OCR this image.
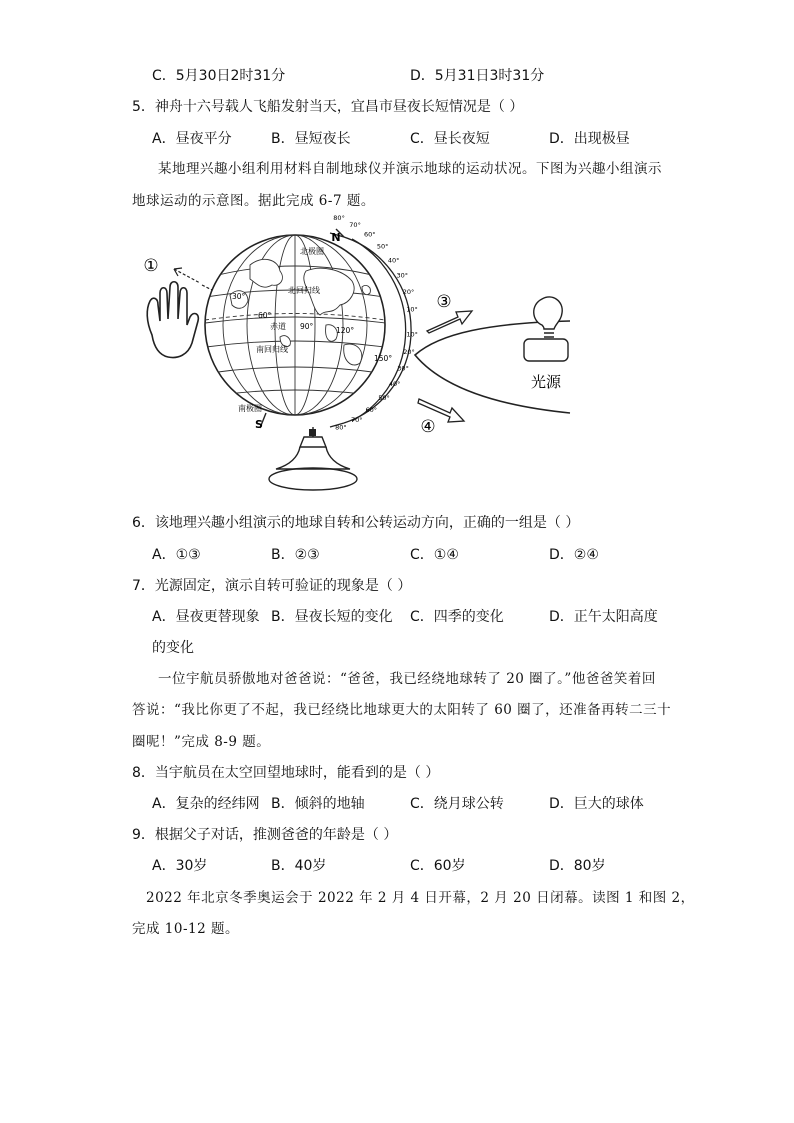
C．5月30日2时31分	D．5月31日3时31分
5．神舟十六号载人飞船发射当天，宜昌市昼夜长短情况是（ ）
A．昼夜平分	B．昼短夜长	C．昼长夜短	D．出现极昼
某地理兴趣小组利用材料自制地球仪并演示地球的运动状况。下图为兴趣小组演示
地球运动的示意图。据此完成 6-7 题。
①
北极圈
北回归线
赤道
南回归线
南极圈
30°
60°
90°	120°
150°
80°
70°
60°
50°
40°
30°
20°
10°
10°
20°
30°
40°
50°
60°
70°
80°
N
S
③
④
光源
6．该地理兴趣小组演示的地球自转和公转运动方向，正确的一组是（ ）
A．①③	B．②③	C．①④	D．②④
7．光源固定，演示自转可验证的现象是（ ）
A．昼夜更替现象 B．昼夜长短的变化 C．四季的变化	D．正午太阳高度
的变化
一位宇航员骄傲地对爸爸说：“爸爸，我已经绕地球转了 20 圈了。”他爸爸笑着回
答说：“我比你更了不起，我已经绕比地球更大的太阳转了 60 圈了，还准备再转二三十
圈呢！”完成 8-9 题。
8．当宇航员在太空回望地球时，能看到的是（ ）
A．复杂的经纬网 B．倾斜的地轴	C．绕月球公转	D．巨大的球体
9．根据父子对话，推测爸爸的年龄是（ ）
A．30岁	B．40岁	C．60岁	D．80岁
2022 年北京冬季奥运会于 2022 年 2 月 4 日开幕，2 月 20 日闭幕。读图 1 和图 2，
完成 10-12 题。
